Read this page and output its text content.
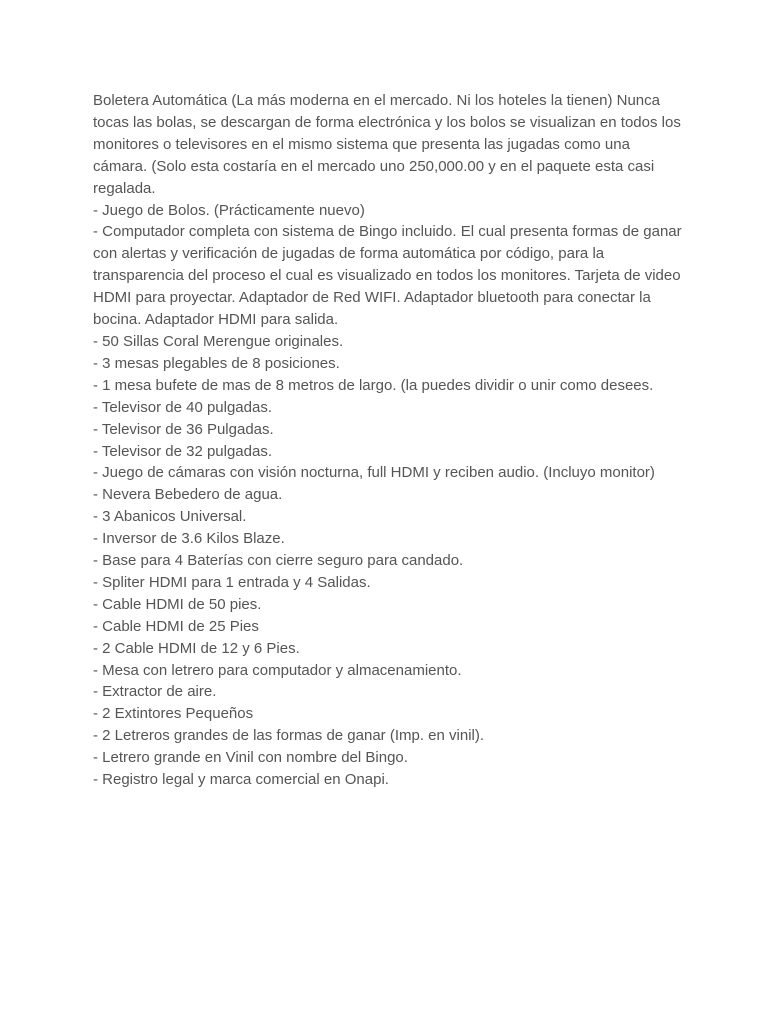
Boletera Automática (La más moderna en el mercado. Ni los hoteles la tienen) Nunca tocas las bolas, se descargan de forma electrónica y los bolos se visualizan en todos los monitores o televisores en el mismo sistema que presenta las jugadas como una cámara. (Solo esta costaría en el mercado uno 250,000.00 y en el paquete esta casi regalada.

- Juego de Bolos. (Prácticamente nuevo)

- Computador completa con sistema de Bingo incluido. El cual presenta formas de ganar con alertas y verificación de jugadas de forma automática por código, para la transparencia del proceso el cual es visualizado en todos los monitores. Tarjeta de video HDMI para proyectar. Adaptador de Red WIFI. Adaptador bluetooth para conectar la bocina. Adaptador HDMI para salida.

- 50 Sillas Coral Merengue originales.

- 3 mesas plegables de 8 posiciones.

- 1 mesa bufete de mas de 8 metros de largo. (la puedes dividir o unir como desees.

- Televisor de 40 pulgadas.

- Televisor de 36 Pulgadas.

- Televisor de 32 pulgadas.

- Juego de cámaras con visión nocturna, full HDMI y reciben audio. (Incluyo monitor)

- Nevera Bebedero de agua.

- 3 Abanicos Universal.

- Inversor de 3.6 Kilos Blaze.

- Base para 4 Baterías con cierre seguro para candado.

- Spliter HDMI para 1 entrada y 4 Salidas.

- Cable HDMI de 50 pies.

- Cable HDMI de 25 Pies

- 2 Cable HDMI de 12 y 6 Pies.

- Mesa con letrero para computador y almacenamiento.

- Extractor de aire.

- 2 Extintores Pequeños

- 2 Letreros grandes de las formas de ganar (Imp. en vinil).

- Letrero grande en Vinil con nombre del Bingo.

- Registro legal y marca comercial en Onapi.
